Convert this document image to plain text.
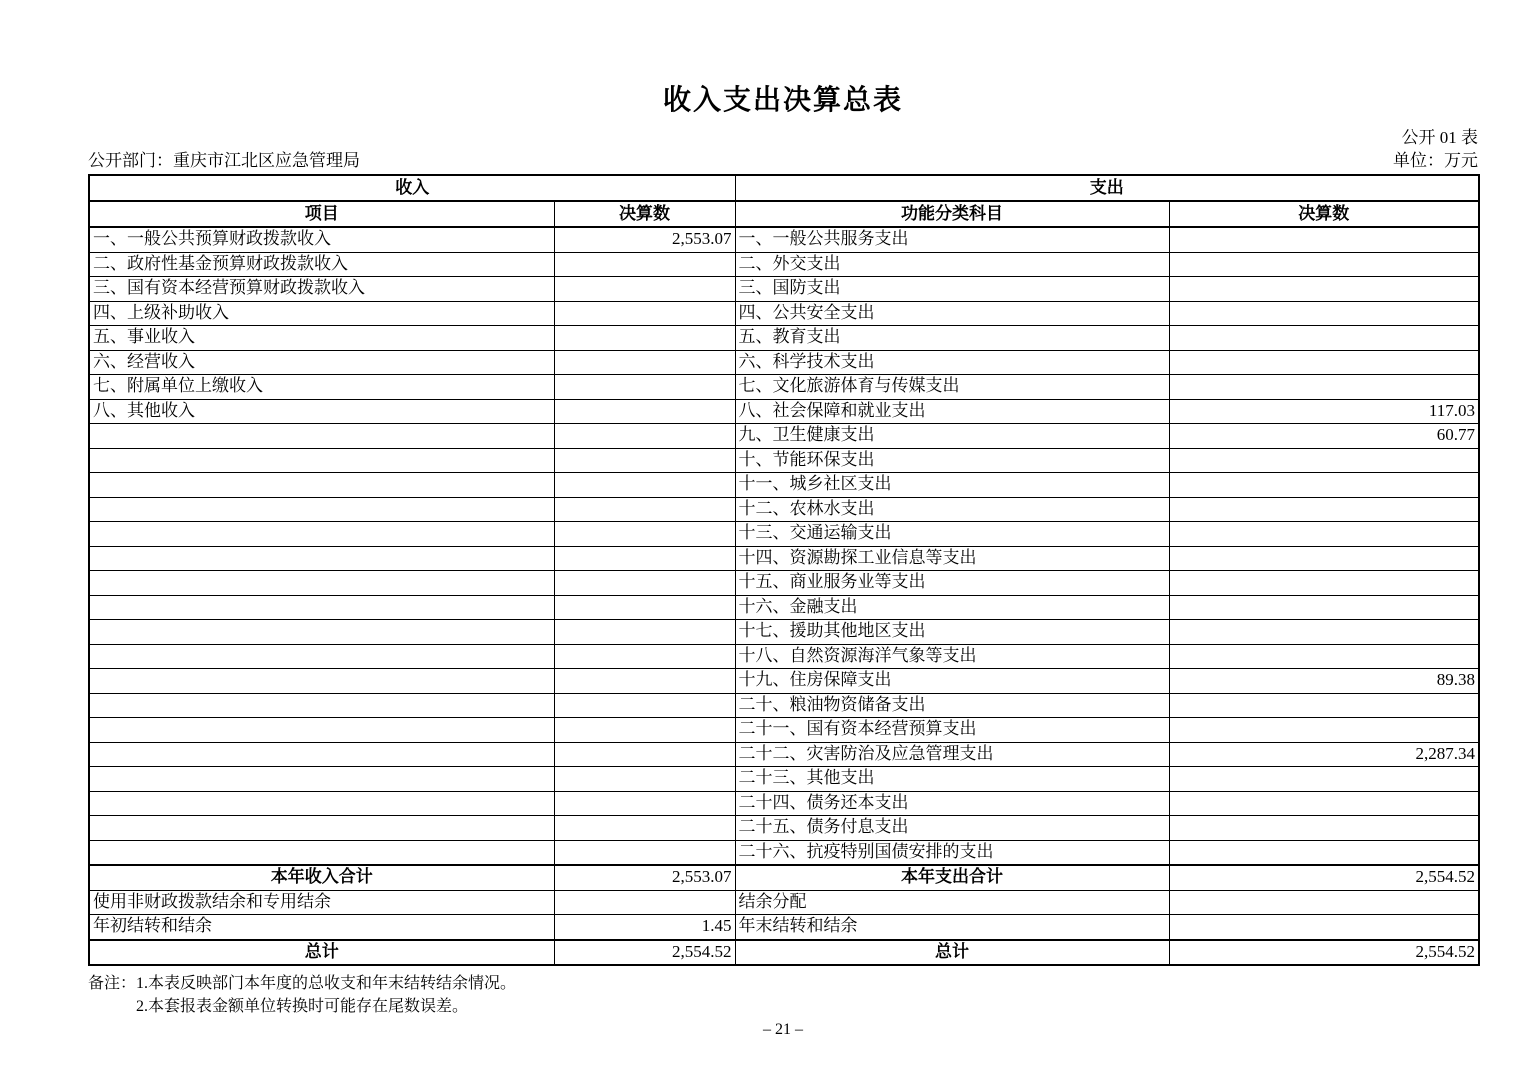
收入支出决算总表
公开 01 表
公开部门：重庆市江北区应急管理局	单位：万元
收入		支出	
项目	决算数	功能分类科目	决算数
一、一般公共预算财政拨款收入	2,553.07	一、一般公共服务支出	
二、政府性基金预算财政拨款收入		二、外交支出	
三、国有资本经营预算财政拨款收入		三、国防支出	
四、上级补助收入		四、公共安全支出	
五、事业收入		五、教育支出	
六、经营收入		六、科学技术支出	
七、附属单位上缴收入		七、文化旅游体育与传媒支出	
八、其他收入		八、社会保障和就业支出	117.03
		九、卫生健康支出	60.77
		十、节能环保支出	
		十一、城乡社区支出	
		十二、农林水支出	
		十三、交通运输支出	
		十四、资源勘探工业信息等支出	
		十五、商业服务业等支出	
		十六、金融支出	
		十七、援助其他地区支出	
		十八、自然资源海洋气象等支出	
		十九、住房保障支出	89.38
		二十、粮油物资储备支出	
		二十一、国有资本经营预算支出	
		二十二、灾害防治及应急管理支出	2,287.34
		二十三、其他支出	
		二十四、债务还本支出	
		二十五、债务付息支出	
		二十六、抗疫特别国债安排的支出	
本年收入合计	2,553.07	本年支出合计	2,554.52
使用非财政拨款结余和专用结余		结余分配	
年初结转和结余	1.45	年末结转和结余	
总计	2,554.52	总计	2,554.52
备注： 1.本表反映部门本年度的总收支和年末结转结余情况。
2.本套报表金额单位转换时可能存在尾数误差。
– 21 –
